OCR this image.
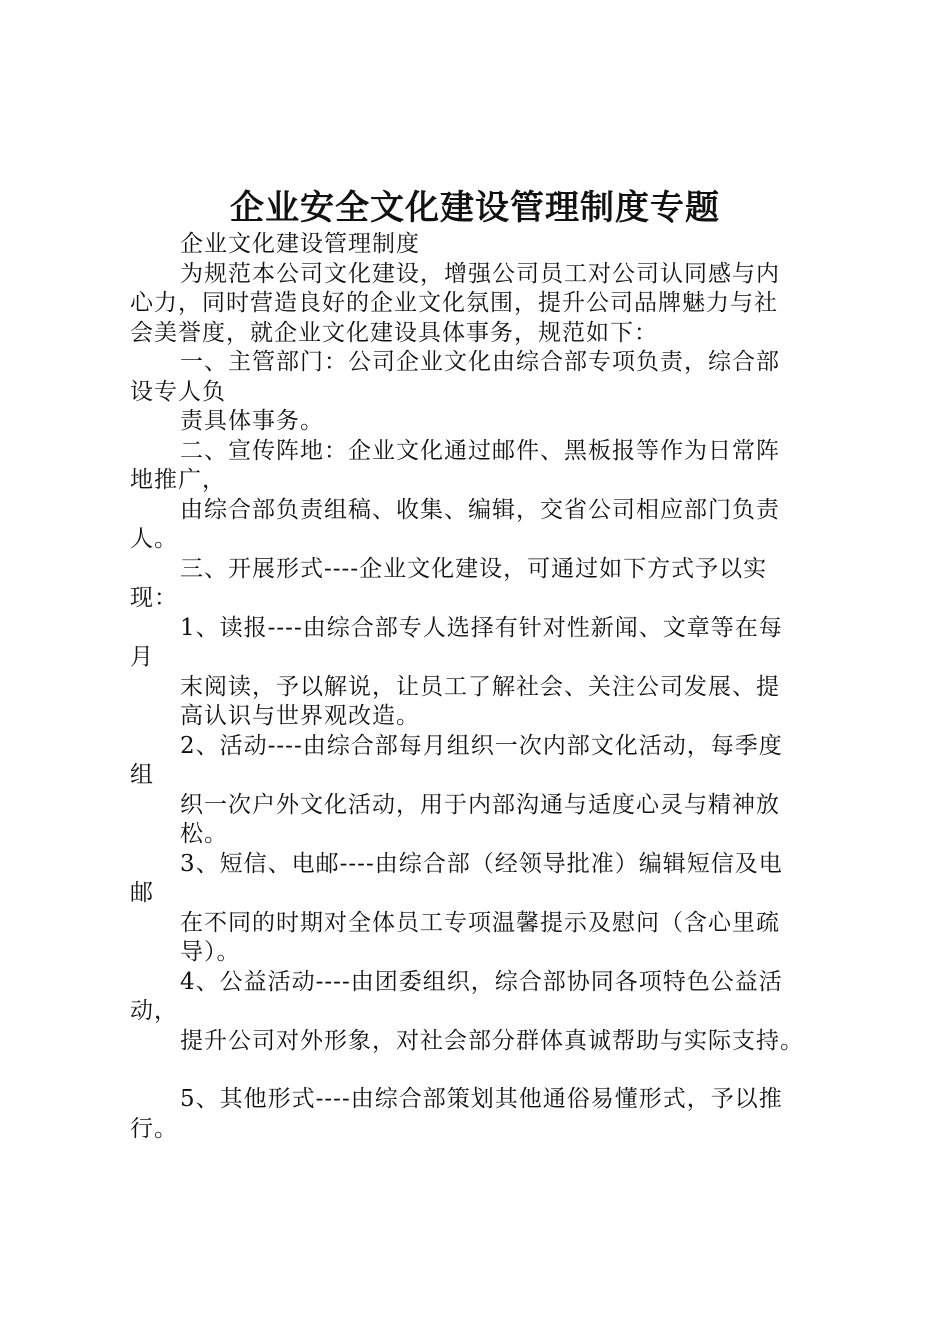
企业安全文化建设管理制度专题
企业文化建设管理制度
为规范本公司文化建设，增强公司员工对公司认同感与内
心力，同时营造良好的企业文化氛围，提升公司品牌魅力与社
会美誉度，就企业文化建设具体事务，规范如下：
一、主管部门：公司企业文化由综合部专项负责，综合部
设专人负
责具体事务。
二、宣传阵地：企业文化通过邮件、黑板报等作为日常阵
地推广，
由综合部负责组稿、收集、编辑，交省公司相应部门负责
人。
三、开展形式----企业文化建设，可通过如下方式予以实
现：
1、读报----由综合部专人选择有针对性新闻、文章等在每
月
末阅读，予以解说，让员工了解社会、关注公司发展、提
高认识与世界观改造。
2、活动----由综合部每月组织一次内部文化活动，每季度
组
织一次户外文化活动，用于内部沟通与适度心灵与精神放
松。
3、短信、电邮----由综合部（经领导批准）编辑短信及电
邮
在不同的时期对全体员工专项温馨提示及慰问（含心里疏
导）。
4、公益活动----由团委组织，综合部协同各项特色公益活
动，
提升公司对外形象，对社会部分群体真诚帮助与实际支持。
5、其他形式----由综合部策划其他通俗易懂形式，予以推
行。
